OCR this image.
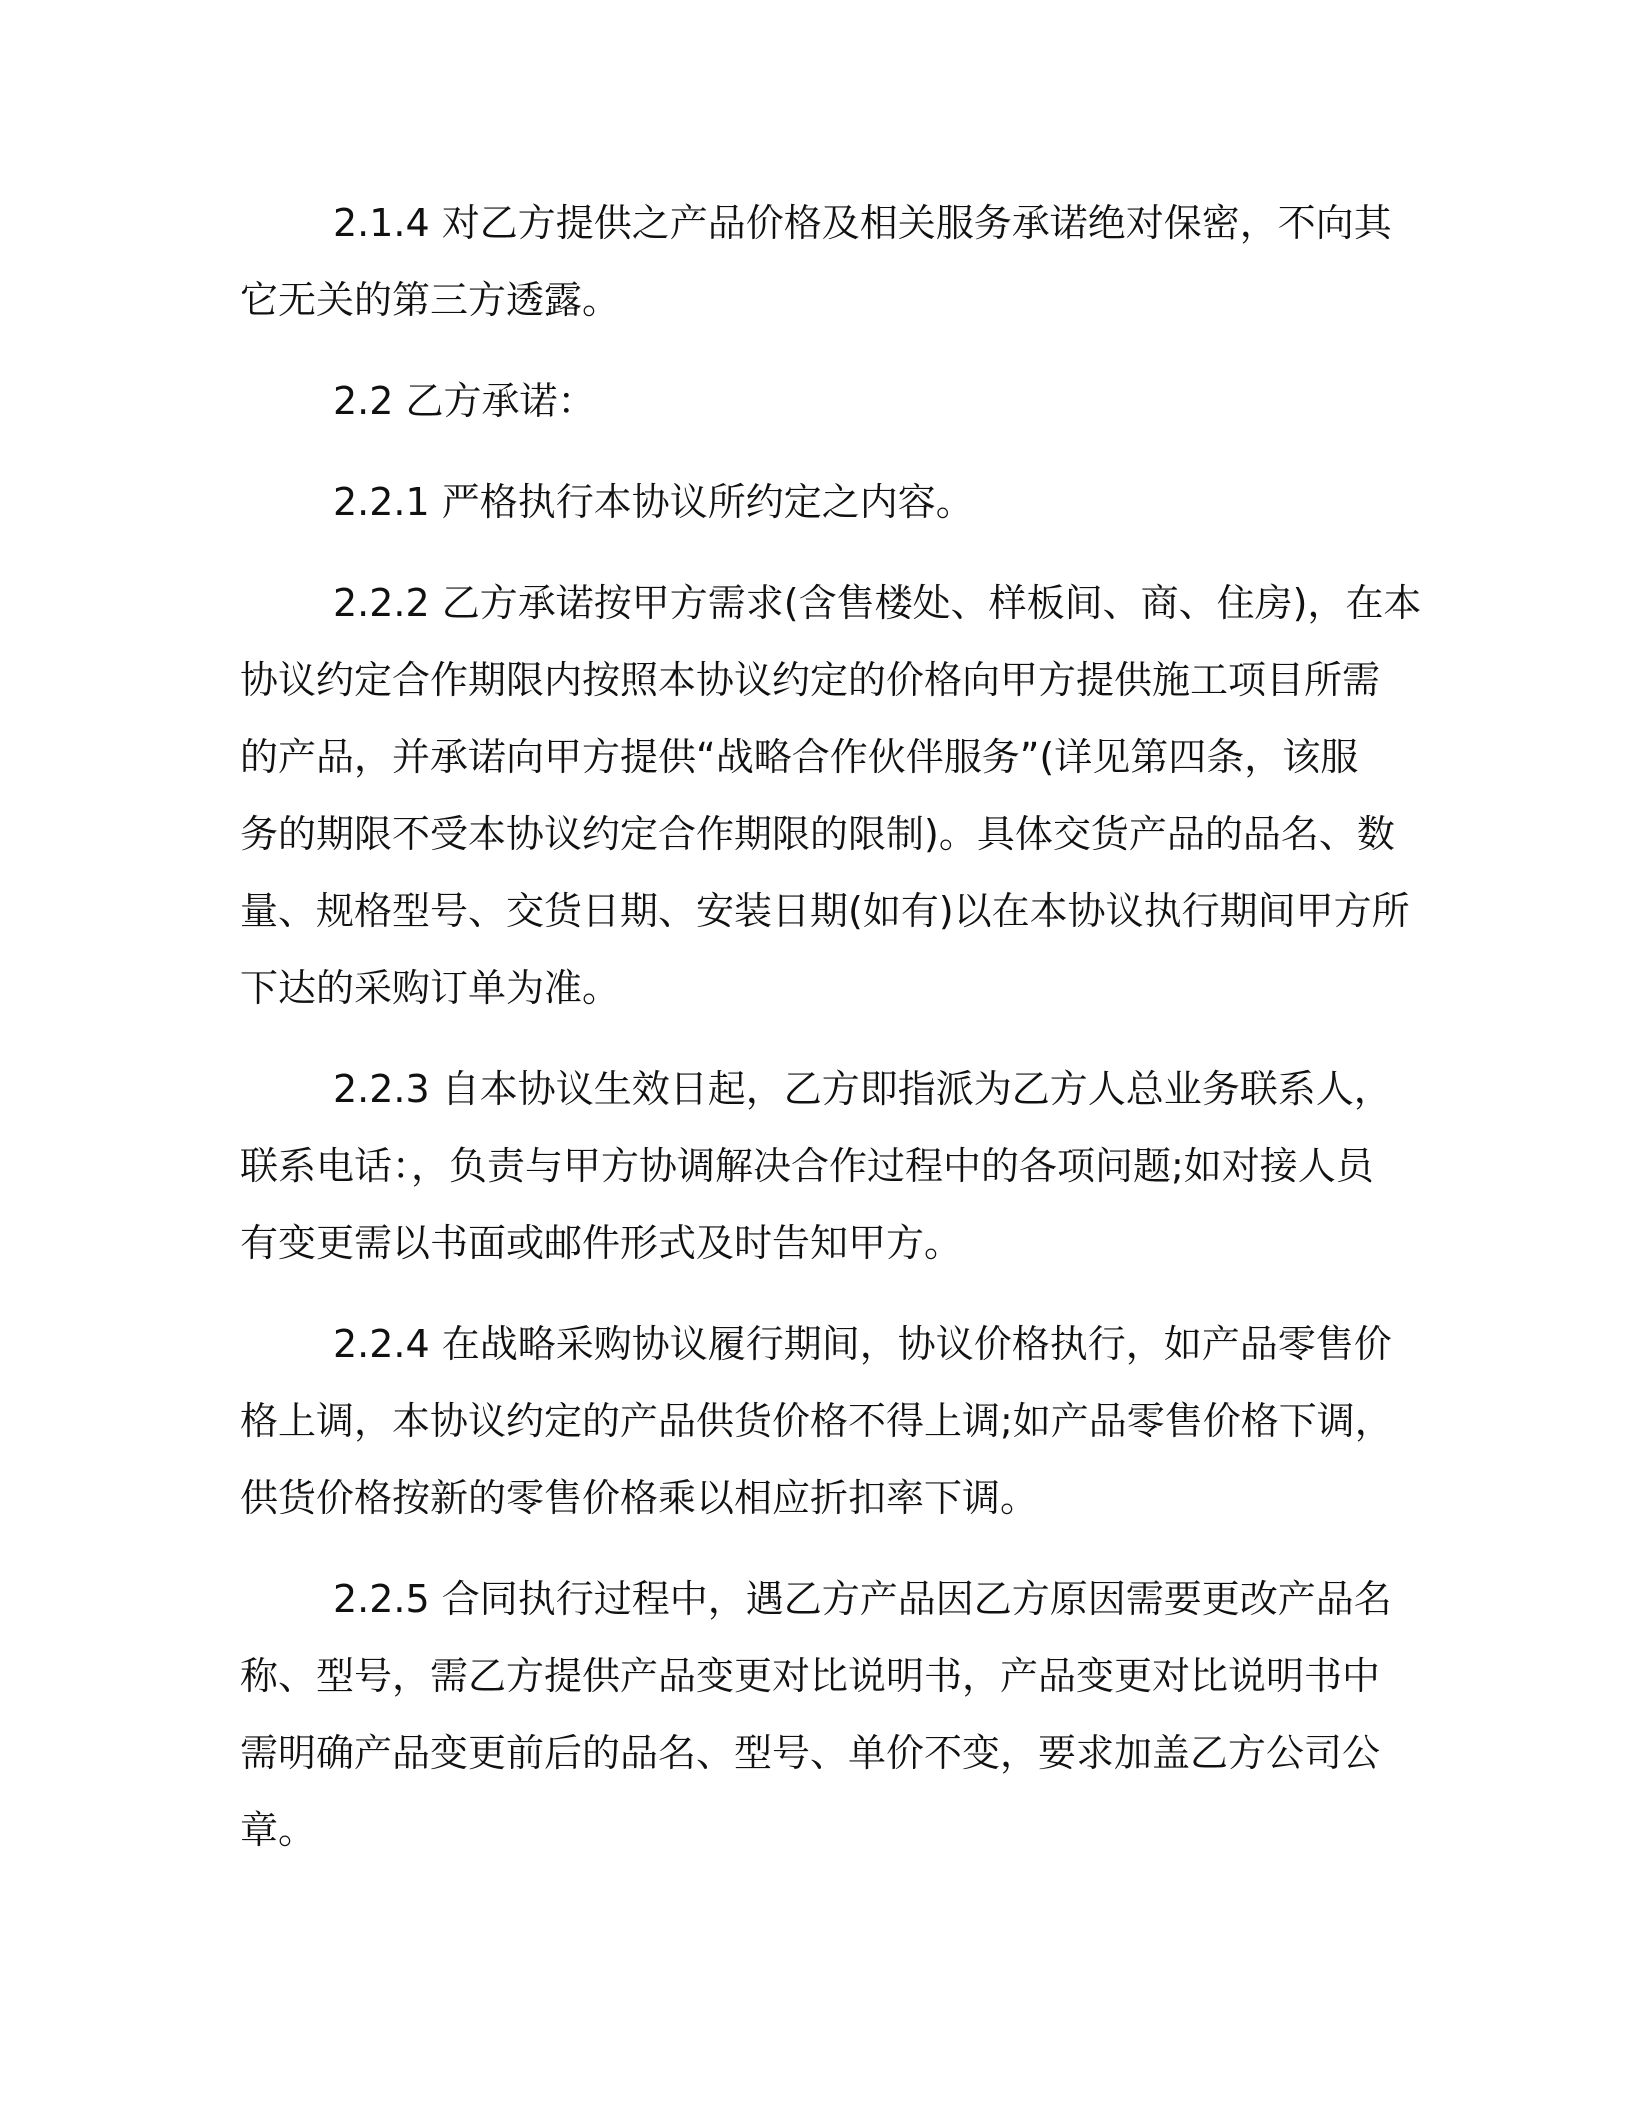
2.1.4 对乙方提供之产品价格及相关服务承诺绝对保密，不向其
它无关的第三方透露。
2.2 乙方承诺：
2.2.1 严格执行本协议所约定之内容。
2.2.2 乙方承诺按甲方需求(含售楼处、样板间、商、住房)，在本
协议约定合作期限内按照本协议约定的价格向甲方提供施工项目所需
的产品，并承诺向甲方提供“战略合作伙伴服务”(详见第四条，该服
务的期限不受本协议约定合作期限的限制)。具体交货产品的品名、数
量、规格型号、交货日期、安装日期(如有)以在本协议执行期间甲方所
下达的采购订单为准。
2.2.3 自本协议生效日起，乙方即指派为乙方人总业务联系人，
联系电话：，负责与甲方协调解决合作过程中的各项问题;如对接人员
有变更需以书面或邮件形式及时告知甲方。
2.2.4 在战略采购协议履行期间，协议价格执行，如产品零售价
格上调，本协议约定的产品供货价格不得上调;如产品零售价格下调，
供货价格按新的零售价格乘以相应折扣率下调。
2.2.5 合同执行过程中，遇乙方产品因乙方原因需要更改产品名
称、型号，需乙方提供产品变更对比说明书，产品变更对比说明书中
需明确产品变更前后的品名、型号、单价不变，要求加盖乙方公司公
章。
